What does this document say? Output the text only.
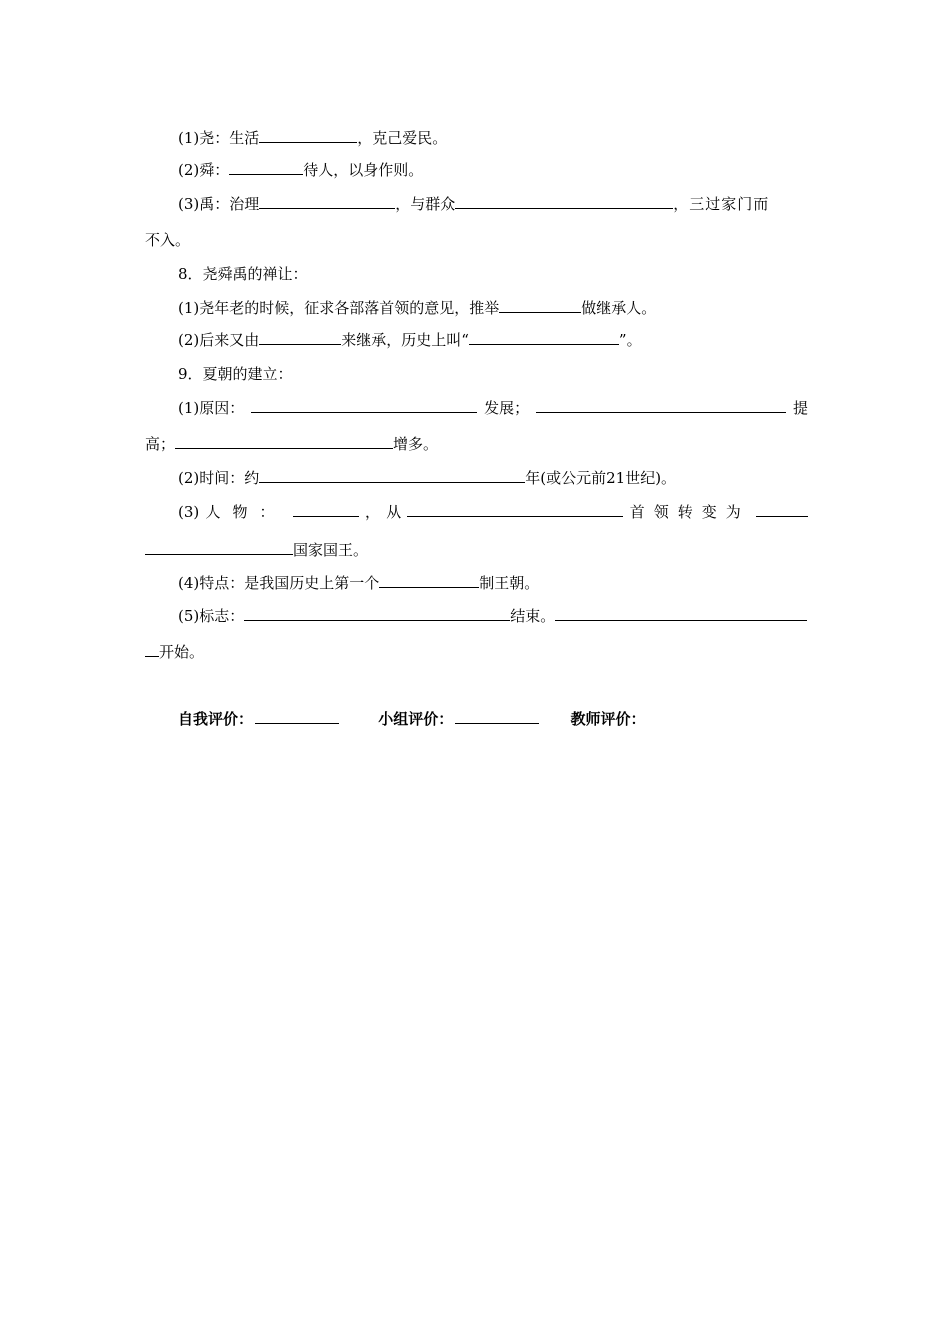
(1)尧：生活	，克己爱民。
(2)舜：	待人，以身作则。
(3)禹：治理	，与群众	，三过家门而
不入。
8．尧舜禹的禅让：
(1)尧年老的时候，征求各部落首领的意见，推举	做继承人。
(2)后来又由	来继承，历史上叫“	”。
9．夏朝的建立：
(1)原因：	发展；	提
高；	增多。
(2)时间：约	年(或公元前21世纪)。
(3) 人物：	， 从	首领转变为
国家国王。
(4)特点：是我国历史上第一个	制王朝。
(5)标志：	结束。
开始。
自我评价：	小组评价：	教师评价：
